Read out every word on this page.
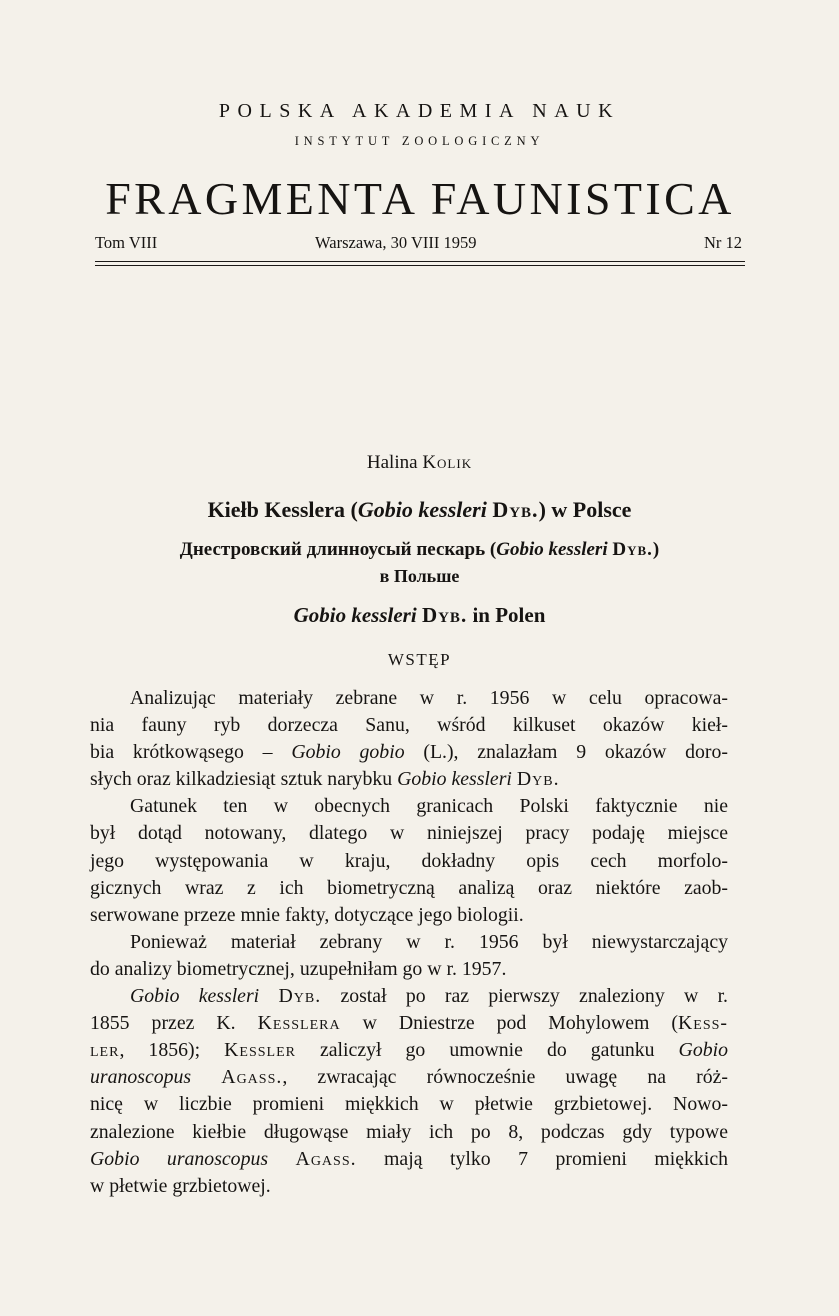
POLSKA AKADEMIA NAUK
INSTYTUT ZOOLOGICZNY
FRAGMENTA FAUNISTICA
Tom VIII	Warszawa, 30 VIII 1959	Nr 12
Halina Kolik
Kiełb Kesslera (Gobio kessleri Dyb.) w Polsce
Днестровский длинноусый пескарь (Gobio kessleri Dyb.)
в Польше
Gobio kessleri Dyb. in Polen
WSTĘP
Analizując materiały zebrane w r. 1956 w celu opracowa-
nia fauny ryb dorzecza Sanu, wśród kilkuset okazów kieł-
bia krótkowąsego – Gobio gobio (L.), znalazłam 9 okazów doro-
słych oraz kilkadziesiąt sztuk narybku Gobio kessleri Dyb.
Gatunek ten w obecnych granicach Polski faktycznie nie
był dotąd notowany, dlatego w niniejszej pracy podaję miejsce
jego występowania w kraju, dokładny opis cech morfolo-
gicznych wraz z ich biometryczną analizą oraz niektóre zaob-
serwowane przeze mnie fakty, dotyczące jego biologii.
Ponieważ materiał zebrany w r. 1956 był niewystarczający
do analizy biometrycznej, uzupełniłam go w r. 1957.
Gobio kessleri Dyb. został po raz pierwszy znaleziony w r.
1855 przez K. Kesslera w Dniestrze pod Mohylowem (Kess-
ler, 1856); Kessler zaliczył go umownie do gatunku Gobio
uranoscopus Agass., zwracając równocześnie uwagę na róż-
nicę w liczbie promieni miękkich w płetwie grzbietowej. Nowo-
znalezione kiełbie długowąse miały ich po 8, podczas gdy typowe
Gobio uranoscopus Agass. mają tylko 7 promieni miękkich
w płetwie grzbietowej.
